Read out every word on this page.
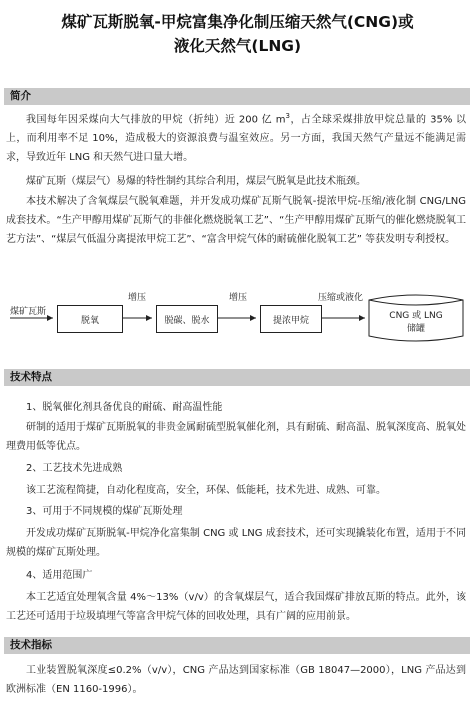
煤矿瓦斯脱氧-甲烷富集净化制压缩天然气(CNG)或
液化天然气(LNG)
简介

我国每年因采煤向大气排放的甲烷（折纯）近 200 亿 $m^3$，占全球采煤排放甲烷总量的 35% 以上，而利用率不足 10%，造成极大的资源浪费与温室效应。另一方面，我国天然气产量远不能满足需求，导致近年 LNG 和天然气进口量大增。

煤矿瓦斯（煤层气）易爆的特性制约其综合利用，煤层气脱氧是此技术瓶颈。

本技术解决了含氧煤层气脱氧难题，并开发成功煤矿瓦斯气脱氧-提浓甲烷-压缩/液化制 CNG/LNG 成套技术。“生产甲醇用煤矿瓦斯气的非催化燃烧脱氧工艺”、“生产甲醇用煤矿瓦斯气的催化燃烧脱氧工艺方法”、“煤层气低温分离提浓甲烷工艺”、“富含甲烷气体的耐硫催化脱氧工艺” 等获发明专利授权。

煤矿瓦斯
脱氧
增压
脱碳、脱水
增压
提浓甲烷
压缩或液化
CNG 或 LNG
储罐
技术特点
1、脱氧催化剂具备优良的耐硫、耐高温性能

研制的适用于煤矿瓦斯脱氧的非贵金属耐硫型脱氧催化剂，具有耐硫、耐高温、脱氧深度高、脱氧处理费用低等优点。

2、工艺技术先进成熟

该工艺流程简捷，自动化程度高，安全，环保、低能耗，技术先进、成熟、可靠。

3、可用于不同规模的煤矿瓦斯处理

开发成功煤矿瓦斯脱氧-甲烷净化富集制 CNG 或 LNG 成套技术，还可实现撬装化布置，适用于不同规模的煤矿瓦斯处理。

4、适用范围广

本工艺适宜处理氧含量 4%～13%（v/v）的含氧煤层气，适合我国煤矿排放瓦斯的特点。此外，该工艺还可适用于垃圾填埋气等富含甲烷气体的回收处理，具有广阔的应用前景。

技术指标

工业装置脱氧深度≤0.2%（v/v），CNG 产品达到国家标准（GB 18047—2000），LNG 产品达到欧洲标准（EN 1160-1996）。
